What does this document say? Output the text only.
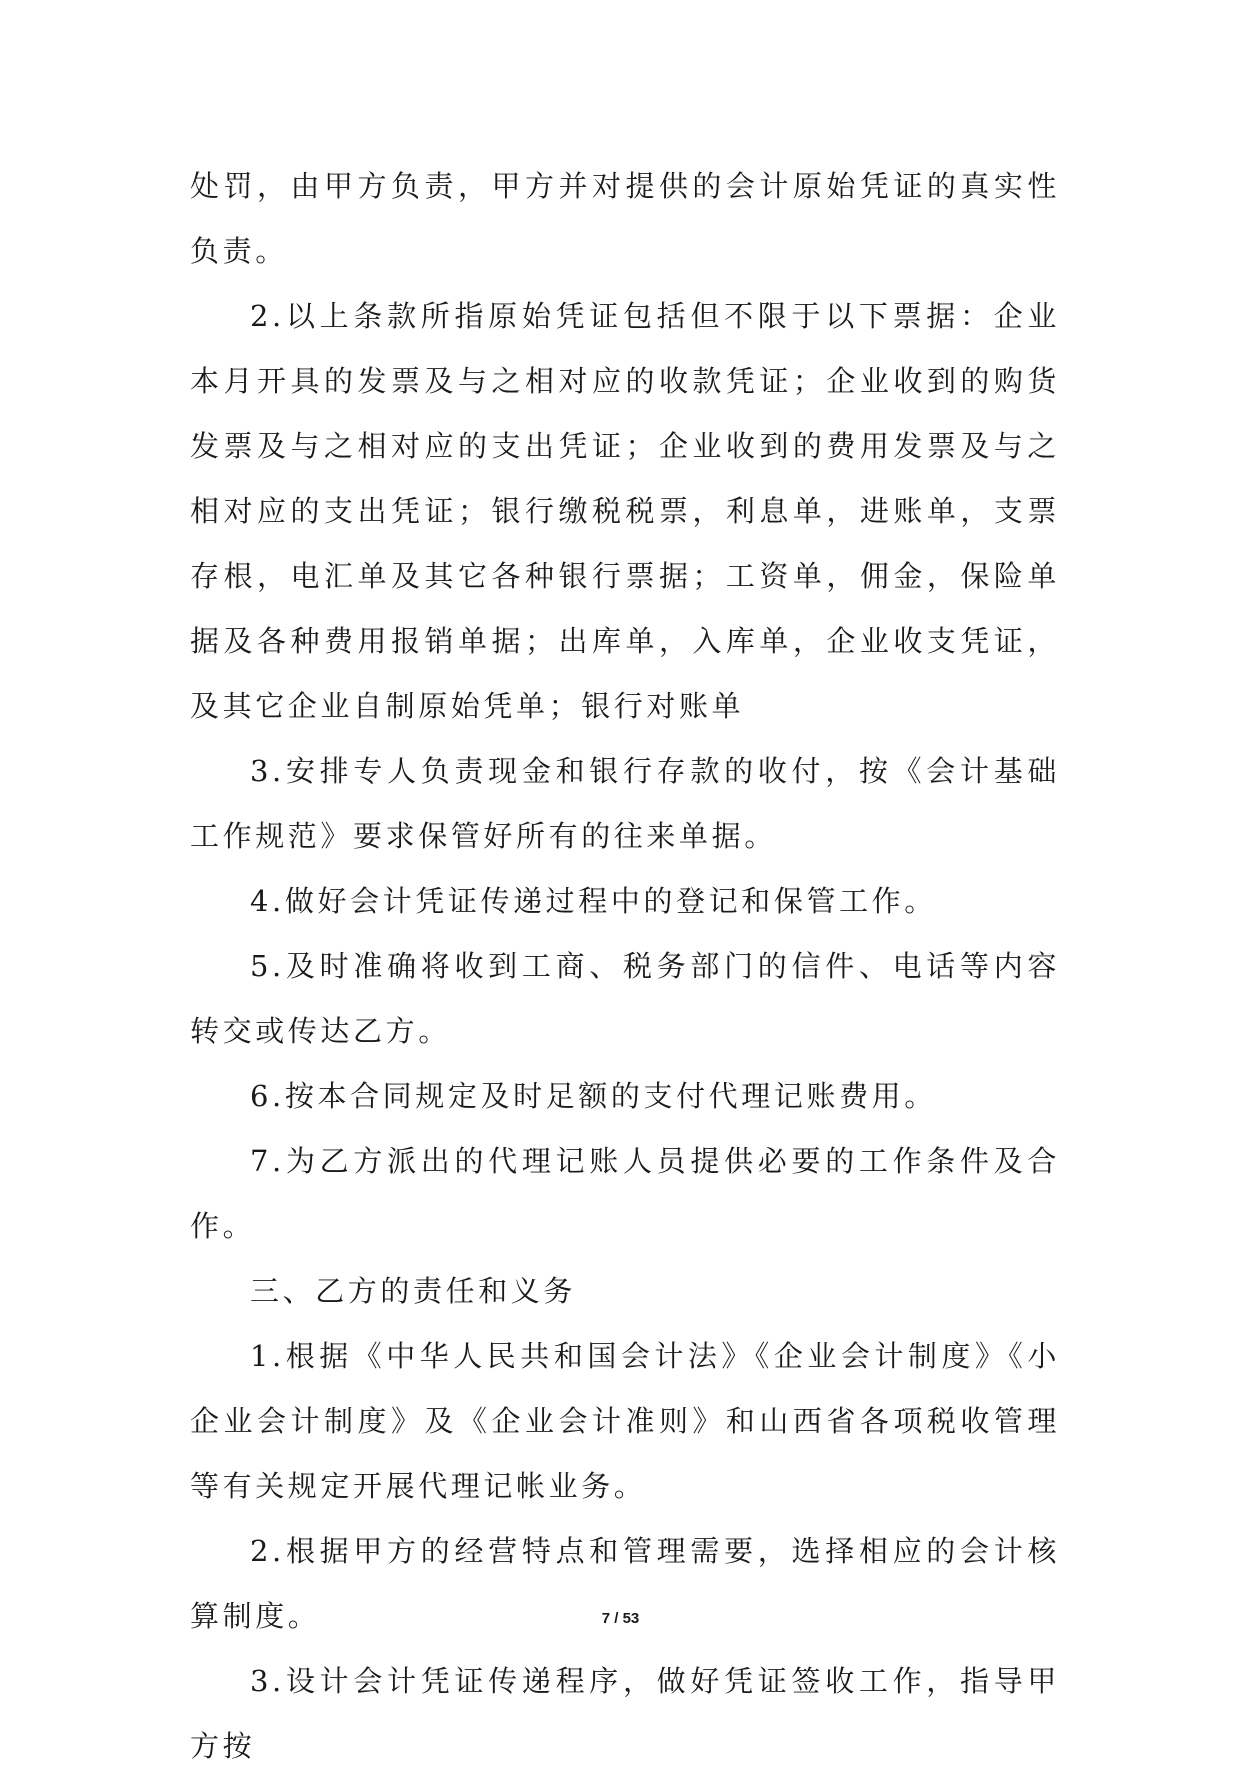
处罚，由甲方负责，甲方并对提供的会计原始凭证的真实性负责。

2.以上条款所指原始凭证包括但不限于以下票据：企业本月开具的发票及与之相对应的收款凭证；企业收到的购货发票及与之相对应的支出凭证；企业收到的费用发票及与之相对应的支出凭证；银行缴税税票，利息单，进账单，支票存根，电汇单及其它各种银行票据；工资单，佣金，保险单据及各种费用报销单据；出库单，入库单，企业收支凭证，及其它企业自制原始凭单；银行对账单

3.安排专人负责现金和银行存款的收付，按《会计基础工作规范》要求保管好所有的往来单据。

4.做好会计凭证传递过程中的登记和保管工作。

5.及时准确将收到工商、税务部门的信件、电话等内容转交或传达乙方。

6.按本合同规定及时足额的支付代理记账费用。

7.为乙方派出的代理记账人员提供必要的工作条件及合作。

三、乙方的责任和义务

1.根据《中华人民共和国会计法》《企业会计制度》《小企业会计制度》及《企业会计准则》和山西省各项税收管理等有关规定开展代理记帐业务。

2.根据甲方的经营特点和管理需要，选择相应的会计核算制度。

3.设计会计凭证传递程序，做好凭证签收工作，指导甲方按

7 / 53
